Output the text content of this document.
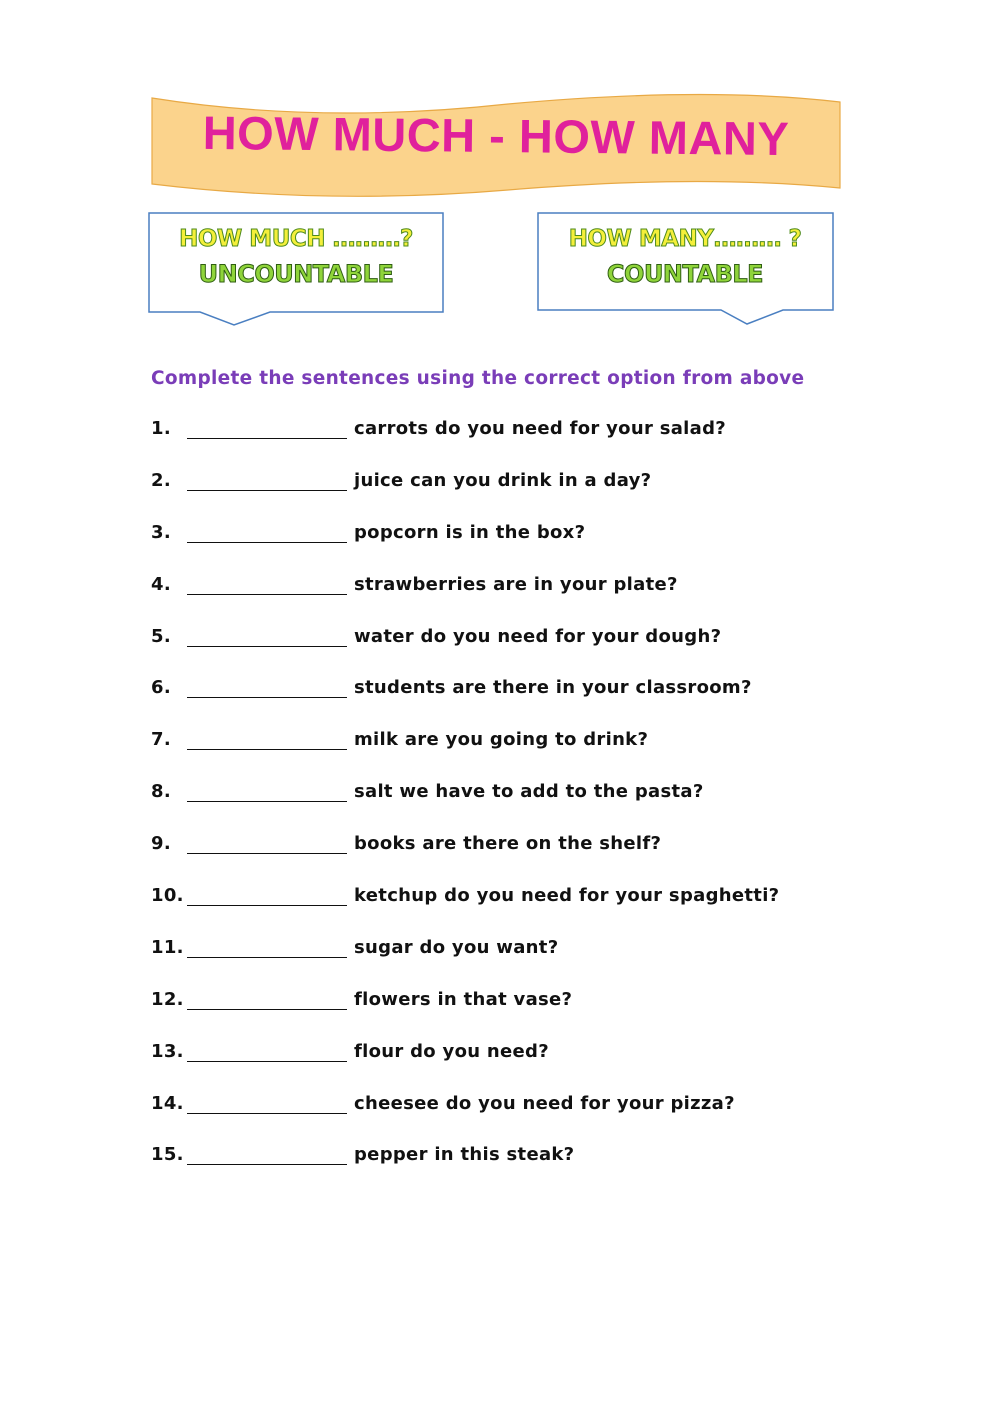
HOW MUCH - HOW MANY
HOW MUCH ………?
UNCOUNTABLE
HOW MANY……… ?
COUNTABLE
Complete the sentences using the correct option from above
1.	carrots do you need for your salad?
2.	juice can you drink in a day?
3.	popcorn is in the box?
4.	strawberries are in your plate?
5.	water do you need for your dough?
6.	students are there in your classroom?
7.	milk are you going to drink?
8.	salt we have to add to the pasta?
9.	books are there on the shelf?
10.	ketchup do you need for your spaghetti?
11.	sugar do you want?
12.	flowers in that vase?
13.	flour do you need?
14.	cheesee do you need for your pizza?
15.	pepper in this steak?
